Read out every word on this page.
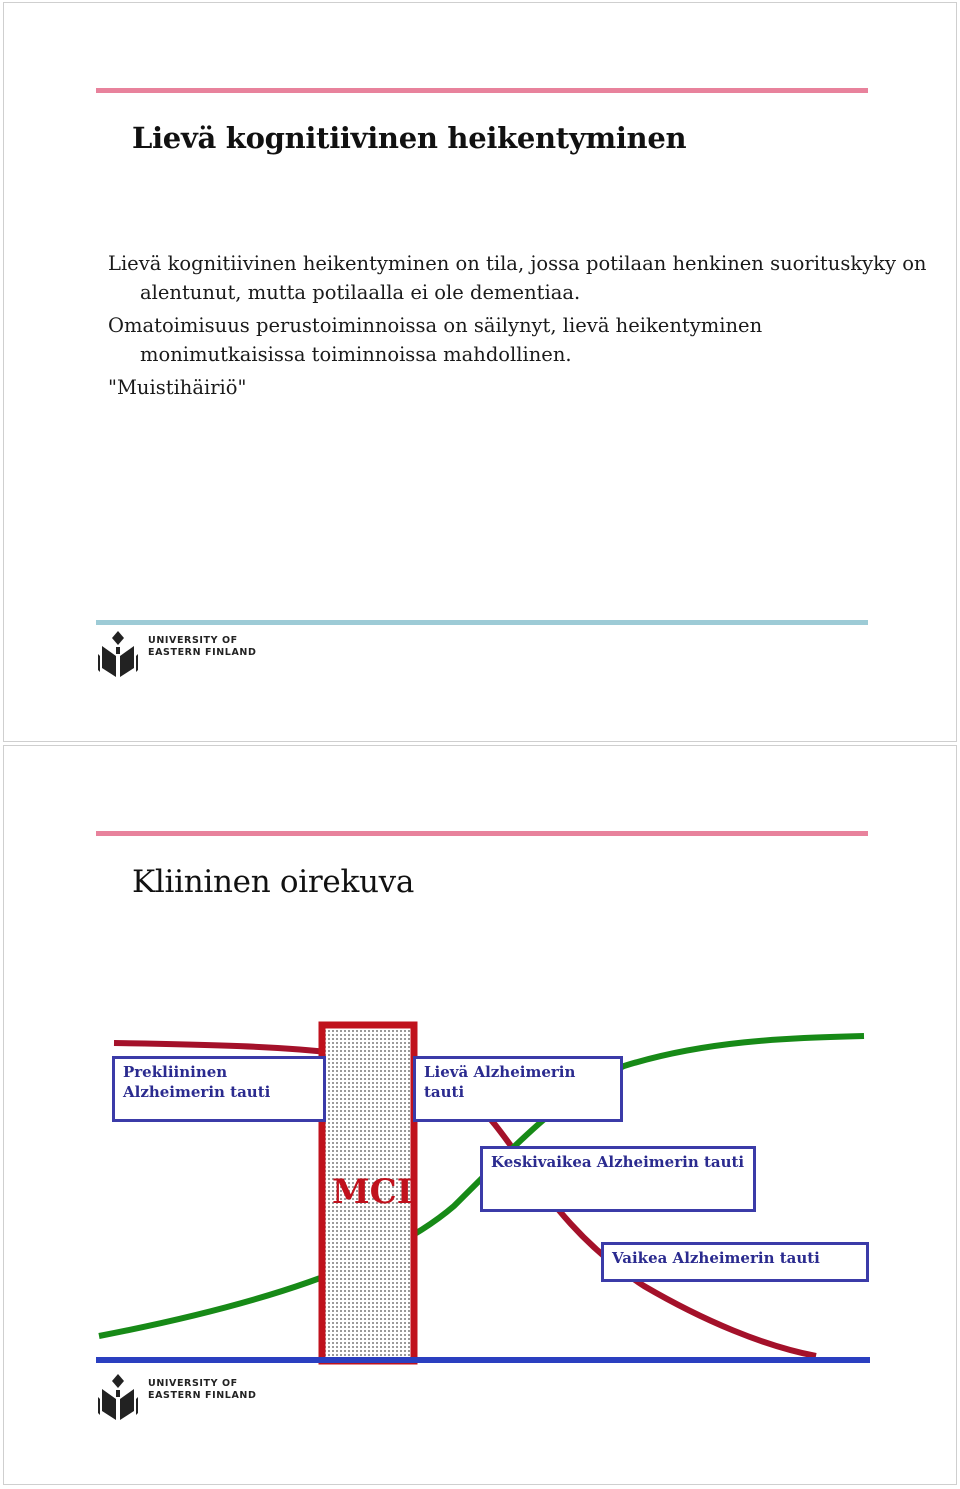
Lievä kognitiivinen heikentyminen

Lievä kognitiivinen heikentyminen on tila, jossa potilaan henkinen suorituskyky on alentunut, mutta potilaalla ei ole dementiaa.

Omatoimisuus perustoiminnoissa on säilynyt, lievä heikentyminen monimutkaisissa toiminnoissa mahdollinen.

"Muistihäiriö"

UNIVERSITY OF
EASTERN FINLAND
Kliininen oirekuva
Prekliininen Alzheimerin tauti
Lievä Alzheimerin tauti
Keskivaikea Alzheimerin tauti
Vaikea Alzheimerin tauti
MCI
UNIVERSITY OF
EASTERN FINLAND
